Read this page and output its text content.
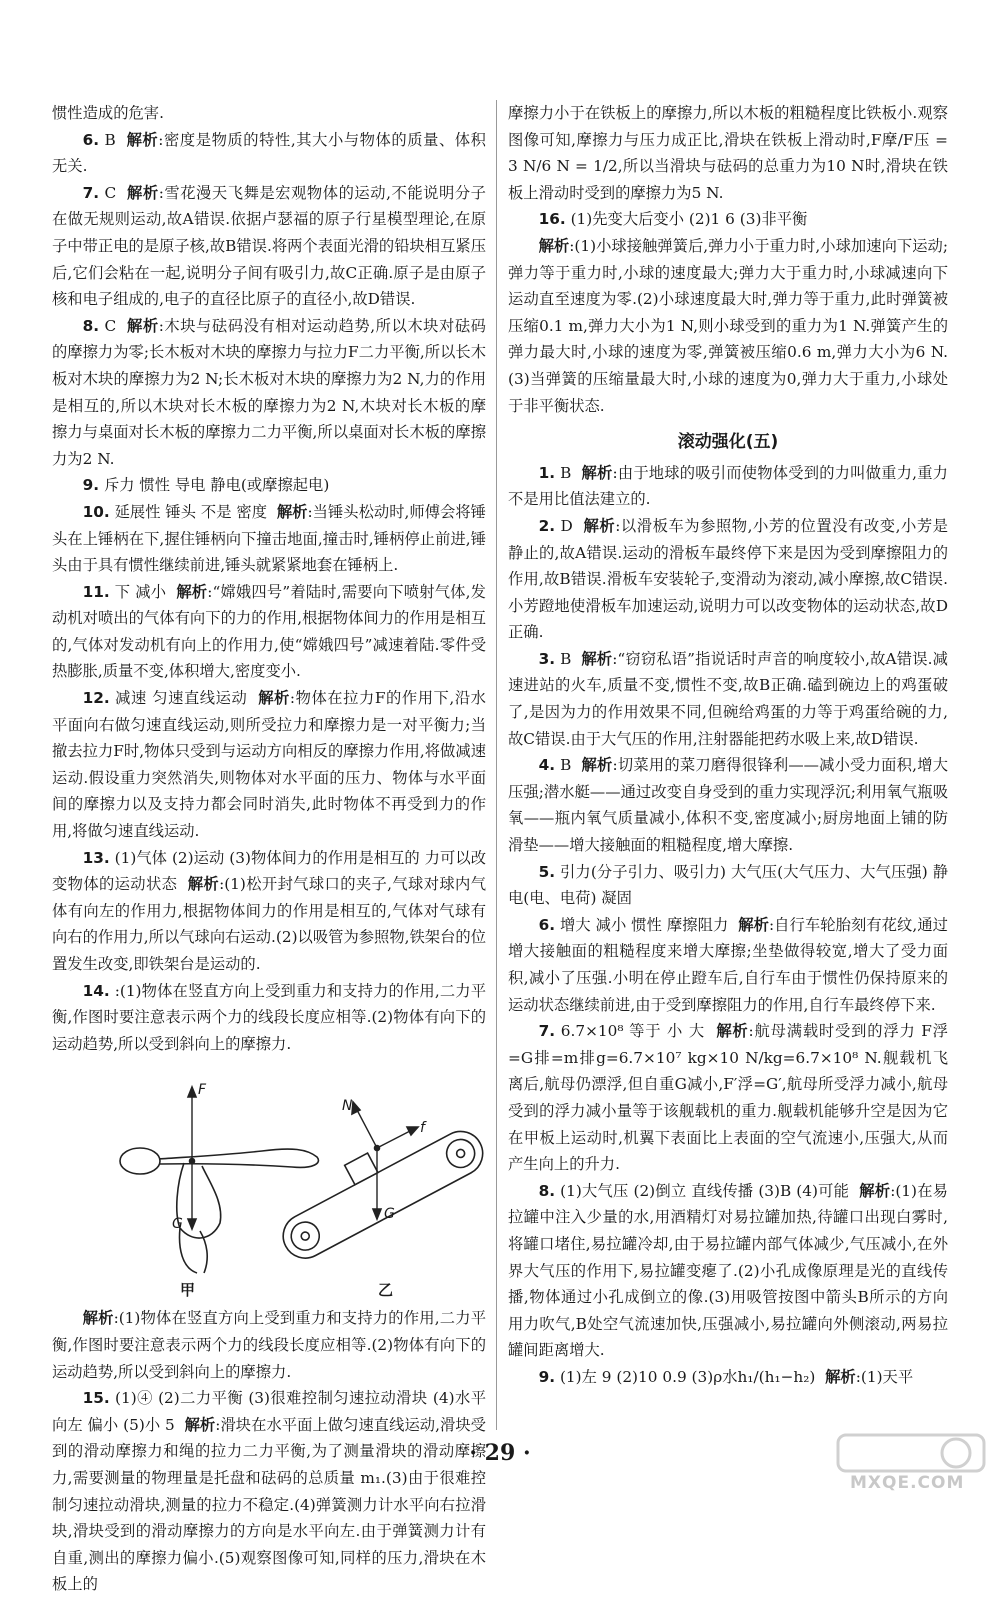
惯性造成的危害.

6. B 解析:密度是物质的特性,其大小与物体的质量、体积无关.

7. C 解析:雪花漫天飞舞是宏观物体的运动,不能说明分子在做无规则运动,故A错误.依据卢瑟福的原子行星模型理论,在原子中带正电的是原子核,故B错误.将两个表面光滑的铅块相互紧压后,它们会粘在一起,说明分子间有吸引力,故C正确.原子是由原子核和电子组成的,电子的直径比原子的直径小,故D错误.

8. C 解析:木块与砝码没有相对运动趋势,所以木块对砝码的摩擦力为零;长木板对木块的摩擦力与拉力F二力平衡,所以长木板对木块的摩擦力为2 N;长木板对木块的摩擦力为2 N,力的作用是相互的,所以木块对长木板的摩擦力为2 N,木块对长木板的摩擦力与桌面对长木板的摩擦力二力平衡,所以桌面对长木板的摩擦力为2 N.

9. 斥力 惯性 导电 静电(或摩擦起电)

10. 延展性 锤头 不是 密度 解析:当锤头松动时,师傅会将锤头在上锤柄在下,握住锤柄向下撞击地面,撞击时,锤柄停止前进,锤头由于具有惯性继续前进,锤头就紧紧地套在锤柄上.

11. 下 减小 解析:“嫦娥四号”着陆时,需要向下喷射气体,发动机对喷出的气体有向下的力的作用,根据物体间力的作用是相互的,气体对发动机有向上的作用力,使“嫦娥四号”减速着陆.零件受热膨胀,质量不变,体积增大,密度变小.

12. 减速 匀速直线运动 解析:物体在拉力F的作用下,沿水平面向右做匀速直线运动,则所受拉力和摩擦力是一对平衡力;当撤去拉力F时,物体只受到与运动方向相反的摩擦力作用,将做减速运动.假设重力突然消失,则物体对水平面的压力、物体与水平面间的摩擦力以及支持力都会同时消失,此时物体不再受到力的作用,将做匀速直线运动.

13. (1)气体 (2)运动 (3)物体间力的作用是相互的 力可以改变物体的运动状态 解析:(1)松开封气球口的夹子,气球对球内气体有向左的作用力,根据物体间力的作用是相互的,气体对气球有向右的作用力,所以气球向右运动.(2)以吸管为参照物,铁架台的位置发生改变,即铁架台是运动的.

14. :(1)物体在竖直方向上受到重力和支持力的作用,二力平衡,作图时要注意表示两个力的线段长度应相等.(2)物体有向下的运动趋势,所以受到斜向上的摩擦力.

F
G
N
f
G
甲	乙

解析:(1)物体在竖直方向上受到重力和支持力的作用,二力平衡,作图时要注意表示两个力的线段长度应相等.(2)物体有向下的运动趋势,所以受到斜向上的摩擦力.

15. (1)④ (2)二力平衡 (3)很难控制匀速拉动滑块 (4)水平向左 偏小 (5)小 5 解析:滑块在水平面上做匀速直线运动,滑块受到的滑动摩擦力和绳的拉力二力平衡,为了测量滑块的滑动摩擦力,需要测量的物理量是托盘和砝码的总质量 m₁.(3)由于很难控制匀速拉动滑块,测量的拉力不稳定.(4)弹簧测力计水平向右拉滑块,滑块受到的滑动摩擦力的方向是水平向左.由于弹簧测力计有自重,测出的摩擦力偏小.(5)观察图像可知,同样的压力,滑块在木板上的

摩擦力小于在铁板上的摩擦力,所以木板的粗糙程度比铁板小.观察图像可知,摩擦力与压力成正比,滑块在铁板上滑动时,F摩/F压 = 3 N/6 N = 1/2,所以当滑块与砝码的总重力为10 N时,滑块在铁板上滑动时受到的摩擦力为5 N.

16. (1)先变大后变小 (2)1 6 (3)非平衡

解析:(1)小球接触弹簧后,弹力小于重力时,小球加速向下运动;弹力等于重力时,小球的速度最大;弹力大于重力时,小球减速向下运动直至速度为零.(2)小球速度最大时,弹力等于重力,此时弹簧被压缩0.1 m,弹力大小为1 N,则小球受到的重力为1 N.弹簧产生的弹力最大时,小球的速度为零,弹簧被压缩0.6 m,弹力大小为6 N.(3)当弹簧的压缩量最大时,小球的速度为0,弹力大于重力,小球处于非平衡状态.

滚动强化(五)

1. B 解析:由于地球的吸引而使物体受到的力叫做重力,重力不是用比值法建立的.

2. D 解析:以滑板车为参照物,小芳的位置没有改变,小芳是静止的,故A错误.运动的滑板车最终停下来是因为受到摩擦阻力的作用,故B错误.滑板车安装轮子,变滑动为滚动,减小摩擦,故C错误.小芳蹬地使滑板车加速运动,说明力可以改变物体的运动状态,故D正确.

3. B 解析:“窃窃私语”指说话时声音的响度较小,故A错误.减速进站的火车,质量不变,惯性不变,故B正确.磕到碗边上的鸡蛋破了,是因为力的作用效果不同,但碗给鸡蛋的力等于鸡蛋给碗的力,故C错误.由于大气压的作用,注射器能把药水吸上来,故D错误.

4. B 解析:切菜用的菜刀磨得很锋利——减小受力面积,增大压强;潜水艇——通过改变自身受到的重力实现浮沉;利用氧气瓶吸氧——瓶内氧气质量减小,体积不变,密度减小;厨房地面上铺的防滑垫——增大接触面的粗糙程度,增大摩擦.

5. 引力(分子引力、吸引力) 大气压(大气压力、大气压强) 静电(电、电荷) 凝固

6. 增大 减小 惯性 摩擦阻力 解析:自行车轮胎刻有花纹,通过增大接触面的粗糙程度来增大摩擦;坐垫做得较宽,增大了受力面积,减小了压强.小明在停止蹬车后,自行车由于惯性仍保持原来的运动状态继续前进,由于受到摩擦阻力的作用,自行车最终停下来.

7. 6.7×10⁸ 等于 小 大 解析:航母满载时受到的浮力 F浮=G排=m排g=6.7×10⁷ kg×10 N/kg=6.7×10⁸ N.舰载机飞离后,航母仍漂浮,但自重G减小,F′浮=G′,航母所受浮力减小,航母受到的浮力减小量等于该舰载机的重力.舰载机能够升空是因为它在甲板上运动时,机翼下表面比上表面的空气流速小,压强大,从而产生向上的升力.

8. (1)大气压 (2)倒立 直线传播 (3)B (4)可能 解析:(1)在易拉罐中注入少量的水,用酒精灯对易拉罐加热,待罐口出现白雾时,将罐口堵住,易拉罐冷却,由于易拉罐内部气体减少,气压减小,在外界大气压的作用下,易拉罐变瘪了.(2)小孔成像原理是光的直线传播,物体通过小孔成倒立的像.(3)用吸管按图中箭头B所示的方向用力吹气,B处空气流速加快,压强减小,易拉罐向外侧滚动,两易拉罐间距离增大.

9. (1)左 9 (2)10 0.9 (3)ρ水h₁/(h₁−h₂) 解析:(1)天平

· 29 ·
MXQE.COM
